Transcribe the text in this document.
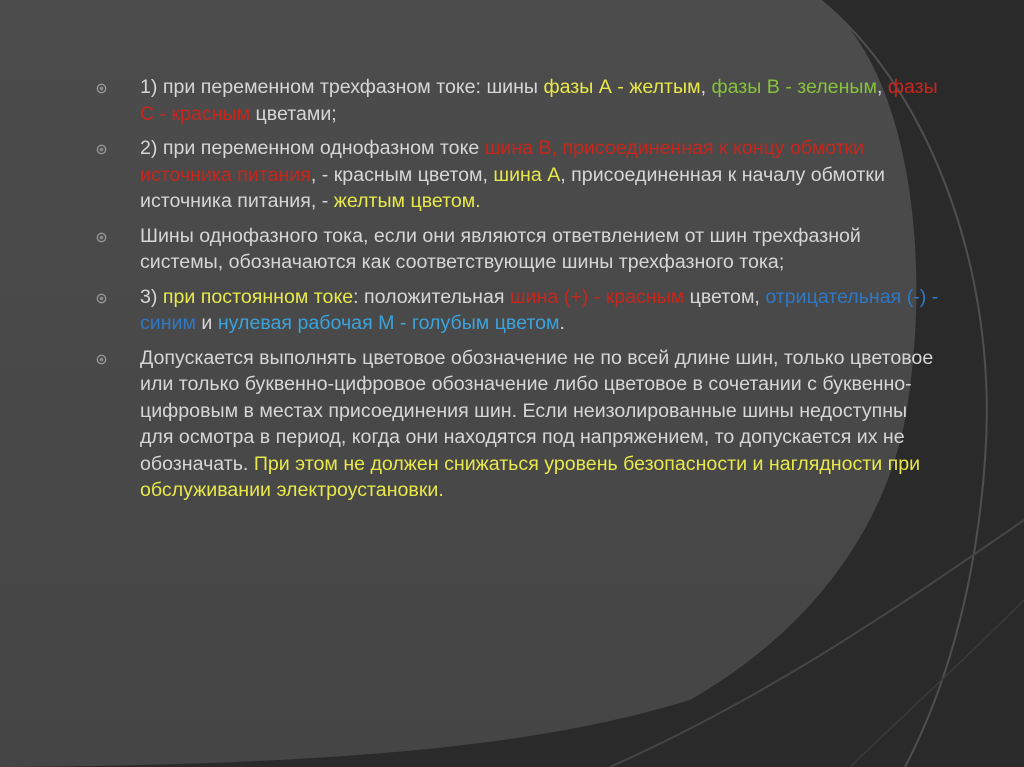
1) при переменном трехфазном токе: шины фазы А - желтым, фазы В - зеленым, фазы С - красным цветами;
2) при переменном однофазном токе шина В, присоединенная к концу обмотки источника питания, - красным цветом, шина А, присоединенная к началу обмотки источника питания, - желтым цветом.
Шины однофазного тока, если они являются ответвлением от шин трехфазной системы, обозначаются как соответствующие шины трехфазного тока;
3) при постоянном токе: положительная шина (+) - красным цветом, отрицательная (-) - синим и нулевая рабочая М - голубым цветом.
Допускается выполнять цветовое обозначение не по всей длине шин, только цветовое или только буквенно-цифровое обозначение либо цветовое в сочетании с буквенно-цифровым в местах присоединения шин. Если неизолированные шины недоступны для осмотра в период, когда они находятся под напряжением, то допускается их не обозначать. При этом не должен снижаться уровень безопасности и наглядности при обслуживании электроустановки.
